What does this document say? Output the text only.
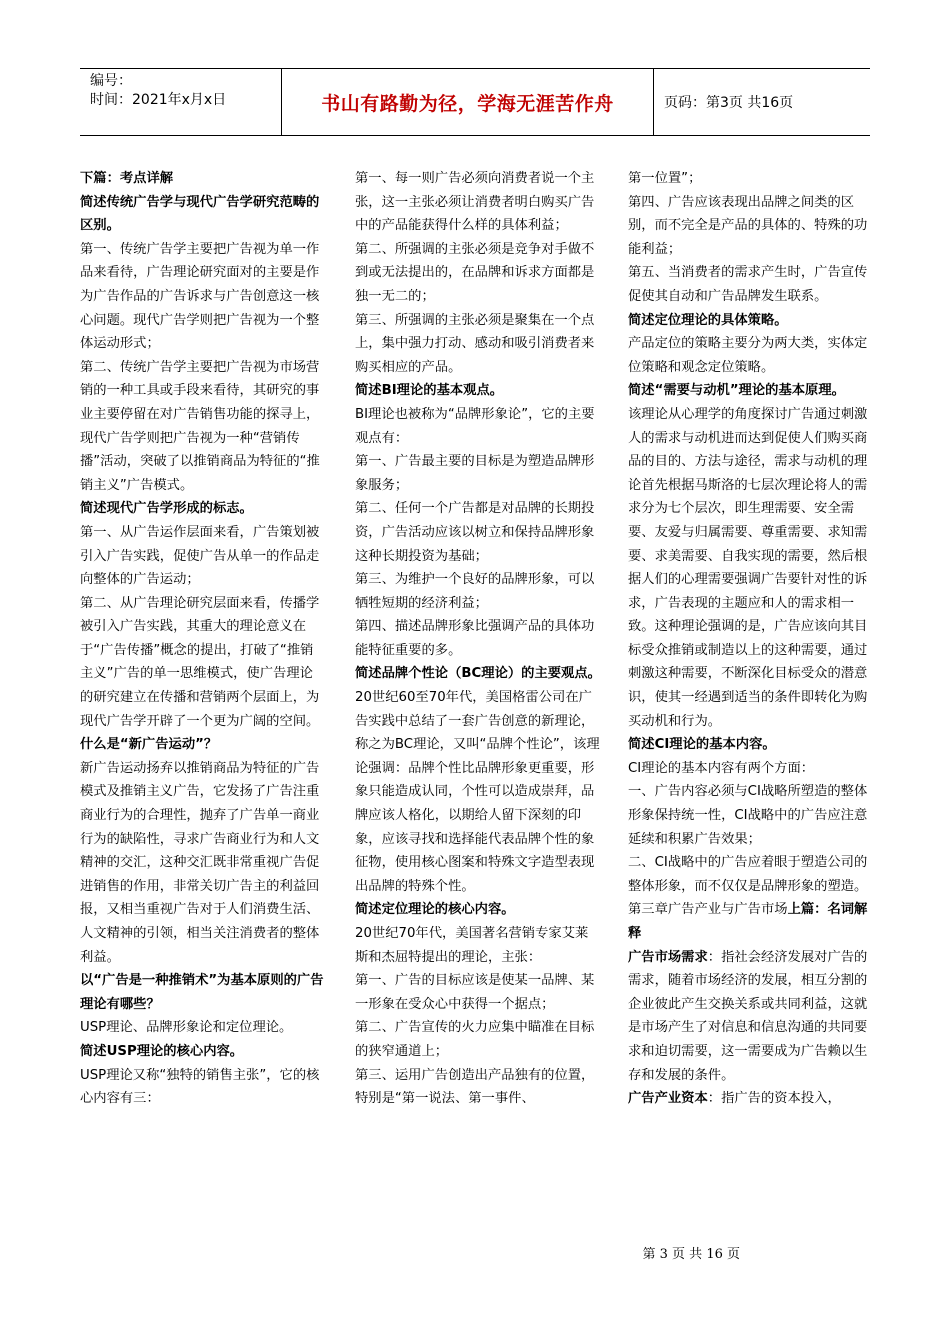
编号：
时间：2021年x月x日	书山有路勤为径，学海无涯苦作舟	页码：第3页 共16页

下篇：考点详解

简述传统广告学与现代广告学研究范畴的区别。

第一、传统广告学主要把广告视为单一作品来看待，广告理论研究面对的主要是作为广告作品的广告诉求与广告创意这一核心问题。现代广告学则把广告视为一个整体运动形式；

第二、传统广告学主要把广告视为市场营销的一种工具或手段来看待，其研究的事业主要停留在对广告销售功能的探寻上，现代广告学则把广告视为一种“营销传播”活动，突破了以推销商品为特征的“推销主义”广告模式。

简述现代广告学形成的标志。

第一、从广告运作层面来看，广告策划被引入广告实践，促使广告从单一的作品走向整体的广告运动；

第二、从广告理论研究层面来看，传播学被引入广告实践，其重大的理论意义在于“广告传播”概念的提出，打破了“推销主义”广告的单一思维模式，使广告理论的研究建立在传播和营销两个层面上，为现代广告学开辟了一个更为广阔的空间。

什么是“新广告运动”？

新广告运动扬弃以推销商品为特征的广告模式及推销主义广告，它发扬了广告注重商业行为的合理性，抛弃了广告单一商业行为的缺陷性，寻求广告商业行为和人文精神的交汇，这种交汇既非常重视广告促进销售的作用，非常关切广告主的利益回报，又相当重视广告对于人们消费生活、人文精神的引领，相当关注消费者的整体利益。

以“广告是一种推销术”为基本原则的广告理论有哪些？

USP理论、品牌形象论和定位理论。

简述USP理论的核心内容。

USP理论又称“独特的销售主张”，它的核心内容有三：

第一、每一则广告必须向消费者说一个主张，这一主张必须让消费者明白购买广告中的产品能获得什么样的具体利益；

第二、所强调的主张必须是竞争对手做不到或无法提出的，在品牌和诉求方面都是独一无二的；

第三、所强调的主张必须是聚集在一个点上，集中强力打动、感动和吸引消费者来购买相应的产品。

简述BI理论的基本观点。

BI理论也被称为“品牌形象论”，它的主要观点有：

第一、广告最主要的目标是为塑造品牌形象服务；

第二、任何一个广告都是对品牌的长期投资，广告活动应该以树立和保持品牌形象这种长期投资为基础；

第三、为维护一个良好的品牌形象，可以牺牲短期的经济利益；

第四、描述品牌形象比强调产品的具体功能特征重要的多。

简述品牌个性论（BC理论）的主要观点。

20世纪60至70年代，美国格雷公司在广告实践中总结了一套广告创意的新理论，称之为BC理论，又叫“品牌个性论”，该理论强调：品牌个性比品牌形象更重要，形象只能造成认同，个性可以造成崇拜，品牌应该人格化，以期给人留下深刻的印象，应该寻找和选择能代表品牌个性的象征物，使用核心图案和特殊文字造型表现出品牌的特殊个性。

简述定位理论的核心内容。

20世纪70年代，美国著名营销专家艾莱斯和杰屈特提出的理论，主张：

第一、广告的目标应该是使某一品牌、某一形象在受众心中获得一个据点；

第二、广告宣传的火力应集中瞄准在目标的狭窄通道上；

第三、运用广告创造出产品独有的位置，特别是“第一说法、第一事件、

第一位置”；

第四、广告应该表现出品牌之间类的区别，而不完全是产品的具体的、特殊的功能利益；

第五、当消费者的需求产生时，广告宣传促使其自动和广告品牌发生联系。

简述定位理论的具体策略。

产品定位的策略主要分为两大类，实体定位策略和观念定位策略。

简述“需要与动机”理论的基本原理。

该理论从心理学的角度探讨广告通过刺激人的需求与动机进而达到促使人们购买商品的目的、方法与途径，需求与动机的理论首先根据马斯洛的七层次理论将人的需求分为七个层次，即生理需要、安全需要、友爱与归属需要、尊重需要、求知需要、求美需要、自我实现的需要，然后根据人们的心理需要强调广告要针对性的诉求，广告表现的主题应和人的需求相一致。这种理论强调的是，广告应该向其目标受众推销或制造以上的这种需要，通过刺激这种需要，不断深化目标受众的潜意识，使其一经遇到适当的条件即转化为购买动机和行为。

简述CI理论的基本内容。

CI理论的基本内容有两个方面：

一、广告内容必须与CI战略所塑造的整体形象保持统一性，CI战略中的广告应注意延续和积累广告效果；

二、CI战略中的广告应着眼于塑造公司的整体形象，而不仅仅是品牌形象的塑造。

第三章广告产业与广告市场上篇：名词解释

广告市场需求：指社会经济发展对广告的需求，随着市场经济的发展，相互分割的企业彼此产生交换关系或共同利益，这就是市场产生了对信息和信息沟通的共同要求和迫切需要，这一需要成为广告赖以生存和发展的条件。

广告产业资本：指广告的资本投入，

第 3 页 共 16 页
